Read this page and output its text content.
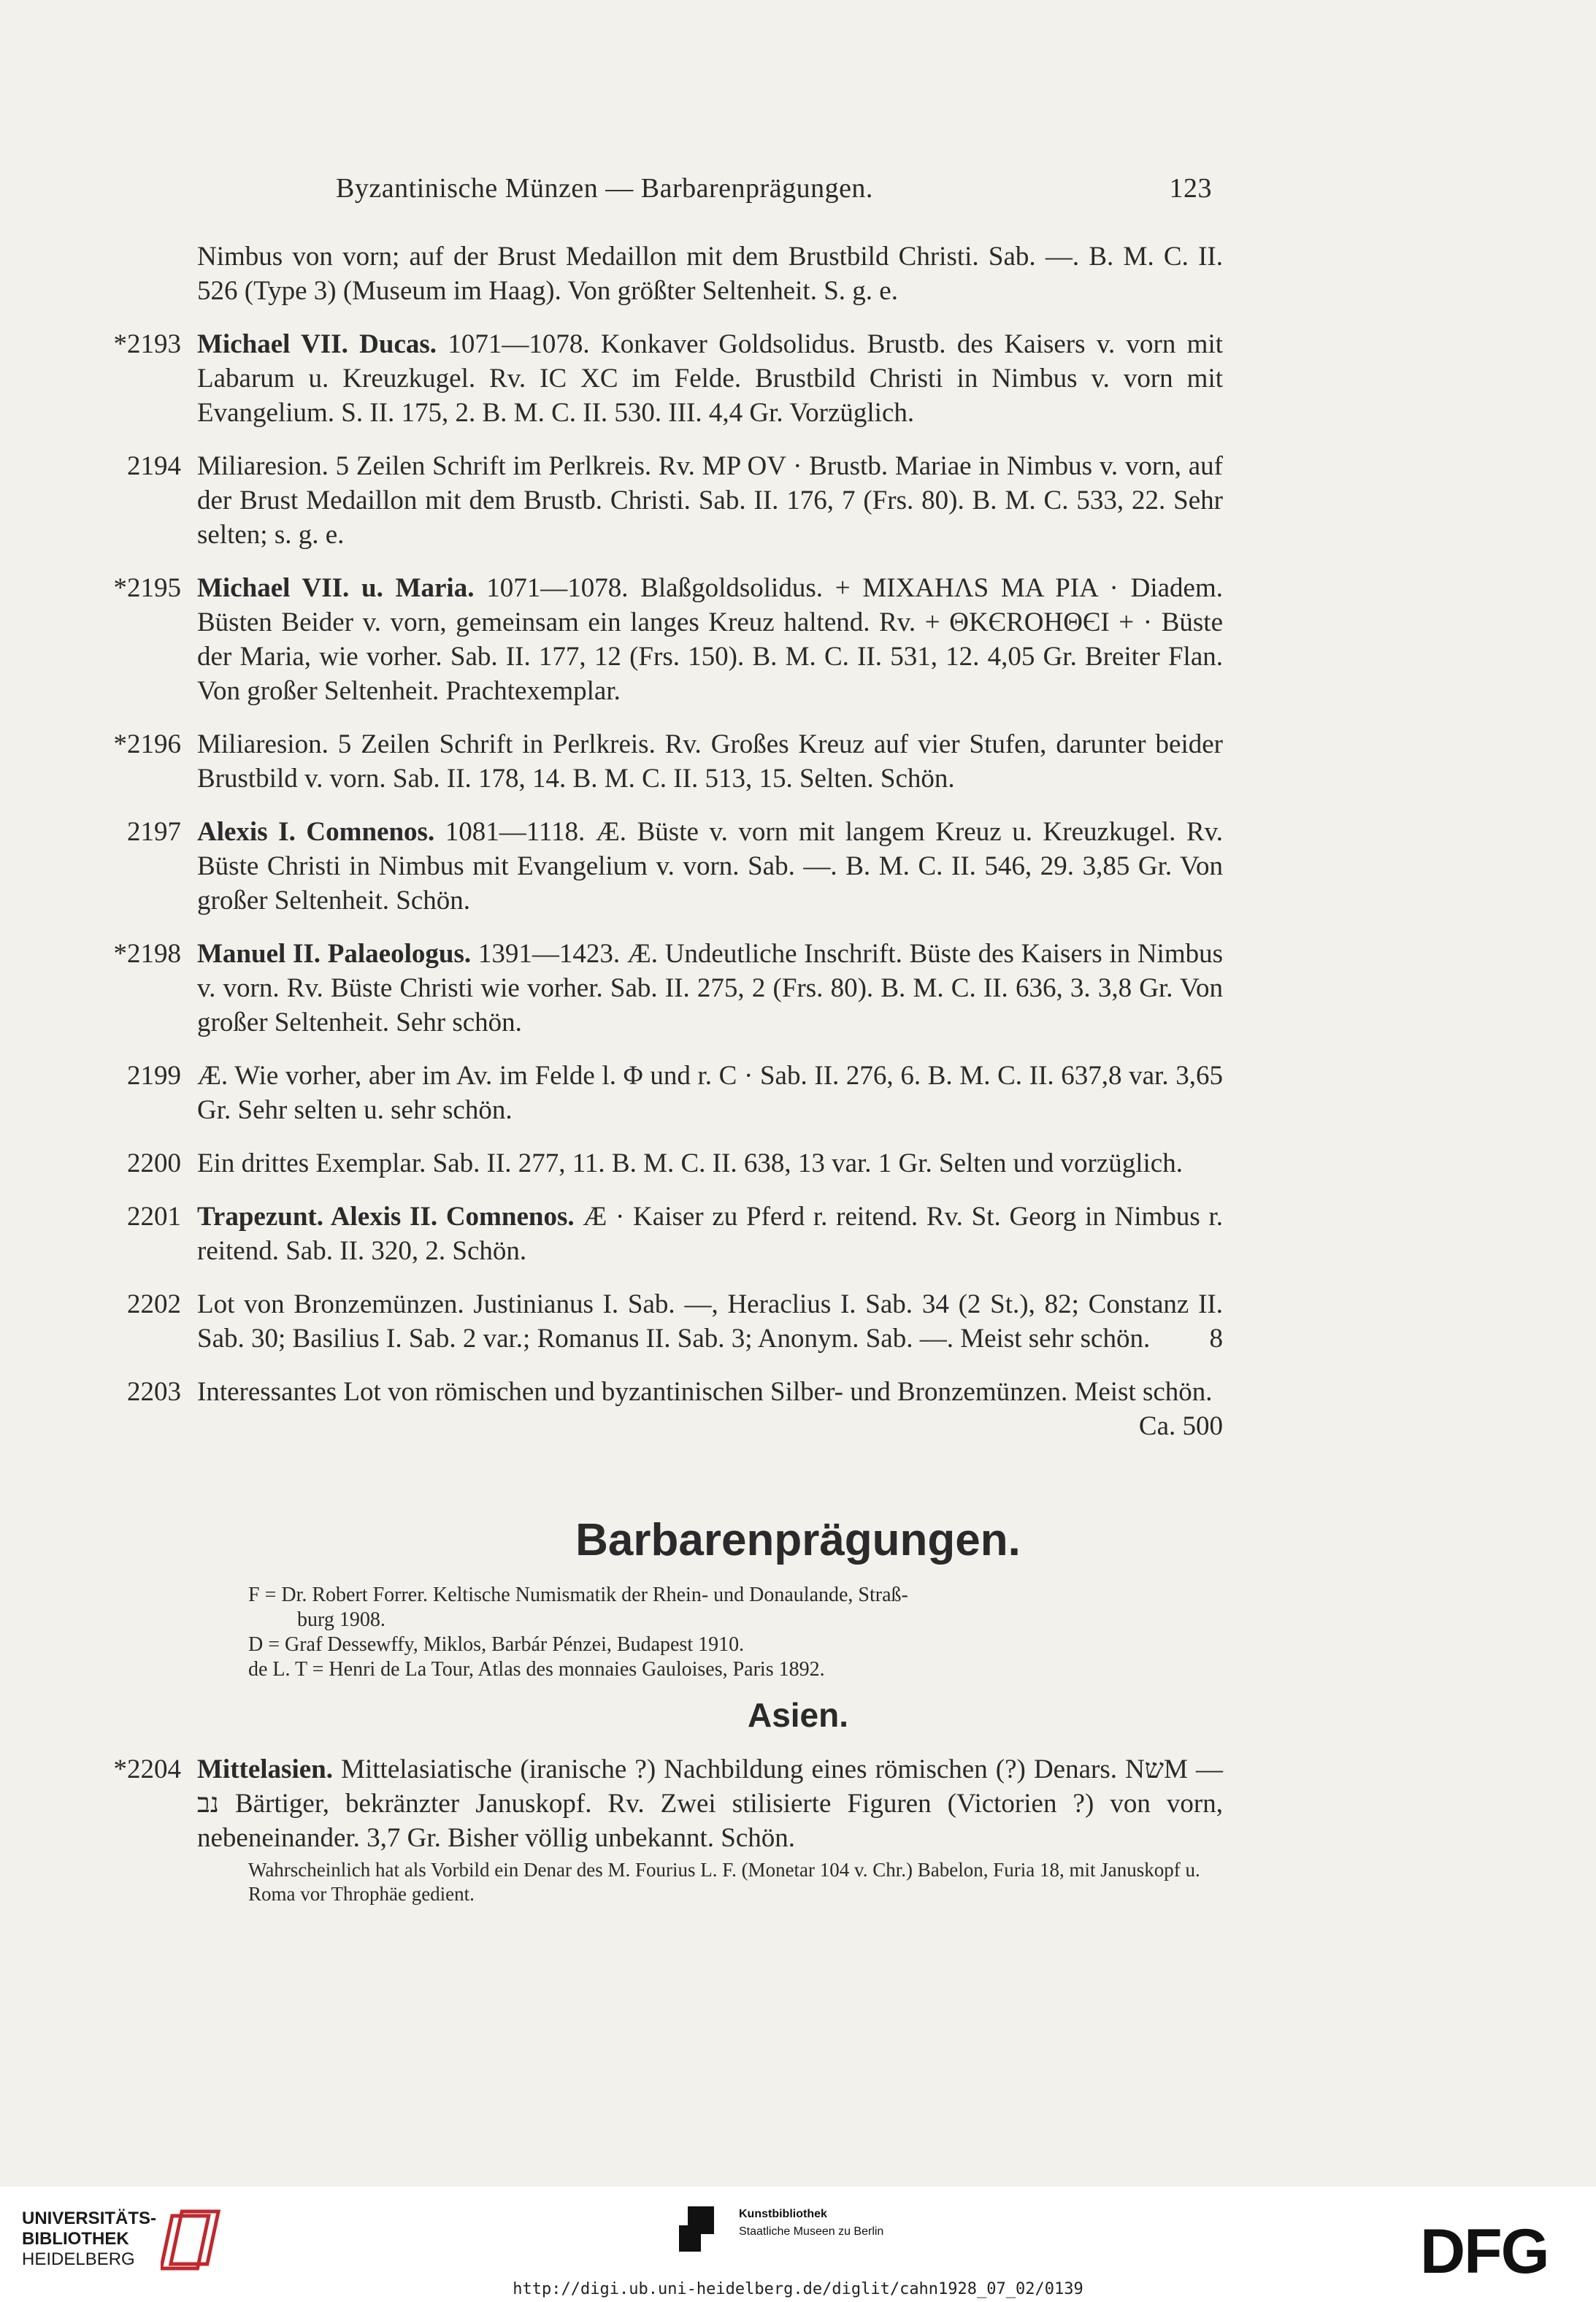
Byzantinische Münzen — Barbarenprägungen.	123
Nimbus von vorn; auf der Brust Medaillon mit dem Brustbild Christi. Sab. —. B. M. C. II. 526 (Type 3) (Museum im Haag). Von größter Seltenheit. S. g. e.
*2193 Michael VII. Ducas. 1071—1078. Konkaver Goldsolidus. Brustb. des Kaisers v. vorn mit Labarum u. Kreuzkugel. Rv. IC XC im Felde. Brustbild Christi in Nimbus v. vorn mit Evangelium. S. II. 175, 2. B. M. C. II. 530. III. 4,4 Gr. Vorzüglich.
2194 Miliaresion. 5 Zeilen Schrift im Perlkreis. Rv. MP OV · Brustb. Mariae in Nimbus v. vorn, auf der Brust Medaillon mit dem Brustb. Christi. Sab. II. 176, 7 (Frs. 80). B. M. C. 533, 22. Sehr selten; s. g. e.
*2195 Michael VII. u. Maria. 1071—1078. Blaßgoldsolidus. + MIXAHΛS MA PIA · Diadem. Büsten Beider v. vorn, gemeinsam ein langes Kreuz haltend. Rv. + ΘKЄROHΘЄI + · Büste der Maria, wie vorher. Sab. II. 177, 12 (Frs. 150). B. M. C. II. 531, 12. 4,05 Gr. Breiter Flan. Von großer Seltenheit. Prachtexemplar.
*2196 Miliaresion. 5 Zeilen Schrift in Perlkreis. Rv. Großes Kreuz auf vier Stufen, darunter beider Brustbild v. vorn. Sab. II. 178, 14. B. M. C. II. 513, 15. Selten. Schön.
2197 Alexis I. Comnenos. 1081—1118. Æ. Büste v. vorn mit langem Kreuz u. Kreuzkugel. Rv. Büste Christi in Nimbus mit Evangelium v. vorn. Sab. —. B. M. C. II. 546, 29. 3,85 Gr. Von großer Seltenheit. Schön.
*2198 Manuel II. Palaeologus. 1391—1423. Æ. Undeutliche Inschrift. Büste des Kaisers in Nimbus v. vorn. Rv. Büste Christi wie vorher. Sab. II. 275, 2 (Frs. 80). B. M. C. II. 636, 3. 3,8 Gr. Von großer Seltenheit. Sehr schön.
2199 Æ. Wie vorher, aber im Av. im Felde l. Φ und r. C · Sab. II. 276, 6. B. M. C. II. 637,8 var. 3,65 Gr. Sehr selten u. sehr schön.
2200 Ein drittes Exemplar. Sab. II. 277, 11. B. M. C. II. 638, 13 var. 1 Gr. Selten und vorzüglich.
2201 Trapezunt. Alexis II. Comnenos. Æ · Kaiser zu Pferd r. reitend. Rv. St. Georg in Nimbus r. reitend. Sab. II. 320, 2. Schön.
2202 Lot von Bronzemünzen. Justinianus I. Sab. —, Heraclius I. Sab. 34 (2 St.), 82; Constanz II. Sab. 30; Basilius I. Sab. 2 var.; Romanus II. Sab. 3; Anonym. Sab. —. Meist sehr schön. 8
2203 Interessantes Lot von römischen und byzantinischen Silber- und Bronzemünzen. Meist schön.
Ca. 500
Barbarenprägungen.
F = Dr. Robert Forrer. Keltische Numismatik der Rhein- und Donaulande, Straß-
burg 1908.
D = Graf Dessewffy, Miklos, Barbár Pénzei, Budapest 1910.
de L. T = Henri de La Tour, Atlas des monnaies Gauloises, Paris 1892.
Asien.
*2204 Mittelasien. Mittelasiatische (iranische ?) Nachbildung eines römischen (?) Denars. NשM — נב Bärtiger, bekränzter Januskopf. Rv. Zwei stilisierte Figuren (Victorien ?) von vorn, nebeneinander. 3,7 Gr. Bisher völlig unbekannt. Schön.
Wahrscheinlich hat als Vorbild ein Denar des M. Fourius L. F. (Monetar 104 v. Chr.) Babelon, Furia 18, mit Januskopf u. Roma vor Throphäe gedient.
UNIVERSITÄTS-
BIBLIOTHEK
HEIDELBERG
Kunstbibliothek
Staatliche Museen zu Berlin	DFG
http://digi.ub.uni-heidelberg.de/diglit/cahn1928_07_02/0139
